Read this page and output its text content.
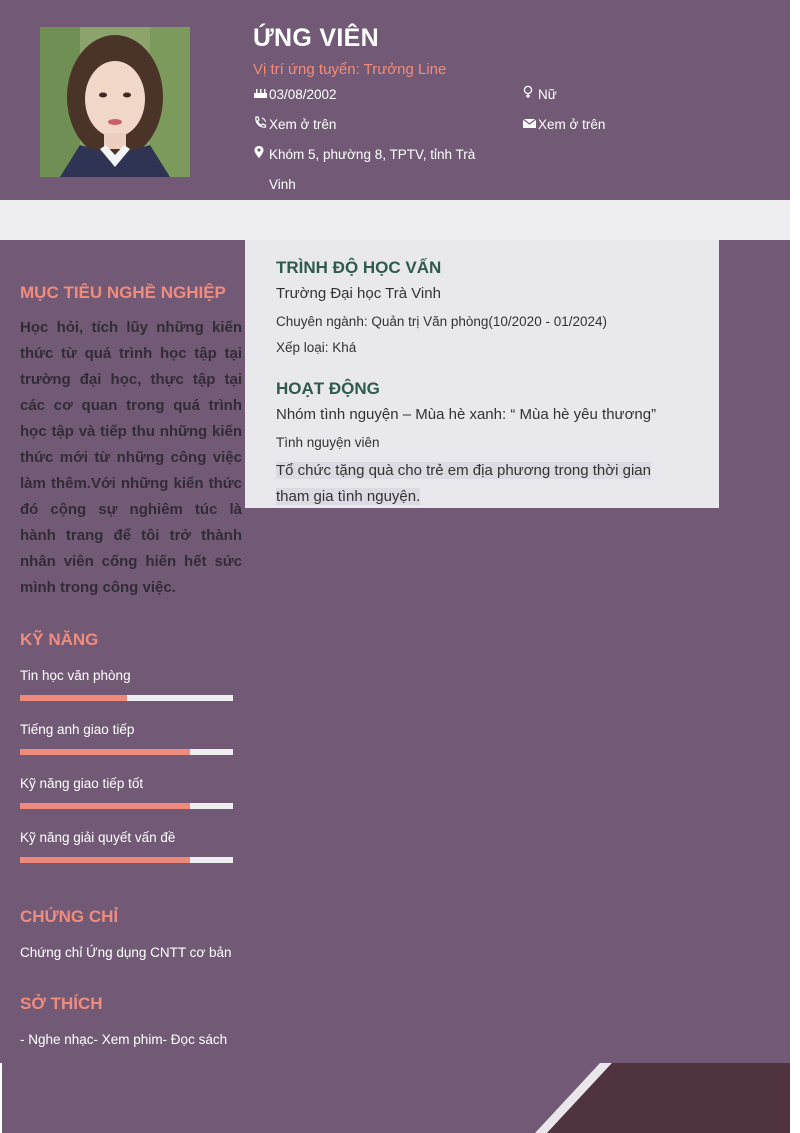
ỨNG VIÊN
Vị trí ứng tuyển: Trưởng Line
03/08/2002
Xem ở trên
Khóm 5, phường 8, TPTV, tỉnh Trà Vinh
Nữ
Xem ở trên
MỤC TIÊU NGHỀ NGHIỆP
Học hỏi, tích lũy những kiến thức từ quá trình học tập tại trường đại học, thực tập tại các cơ quan trong quá trình học tập và tiếp thu những kiến thức mới từ những công việc làm thêm.Với những kiến thức đó cộng sự nghiêm túc là hành trang để tôi trở thành nhân viên cống hiến hết sức mình trong công việc.
KỸ NĂNG
Tin học văn phòng
Tiếng anh giao tiếp
Kỹ năng giao tiếp tốt
Kỹ năng giải quyết vấn đề
CHỨNG CHỈ
Chứng chỉ Ứng dụng CNTT cơ bản
SỞ THÍCH
- Nghe nhạc- Xem phim- Đọc sách
TRÌNH ĐỘ HỌC VẤN
Trường Đại học Trà Vinh
Chuyên ngành: Quản trị Văn phòng(10/2020 - 01/2024)
Xếp loại: Khá
HOẠT ĐỘNG
Nhóm tình nguyện – Mùa hè xanh: “ Mùa hè yêu thương”
Tình nguyện viên
Tổ chức tặng quà cho trẻ em địa phương trong thời gian tham gia tình nguyện.
